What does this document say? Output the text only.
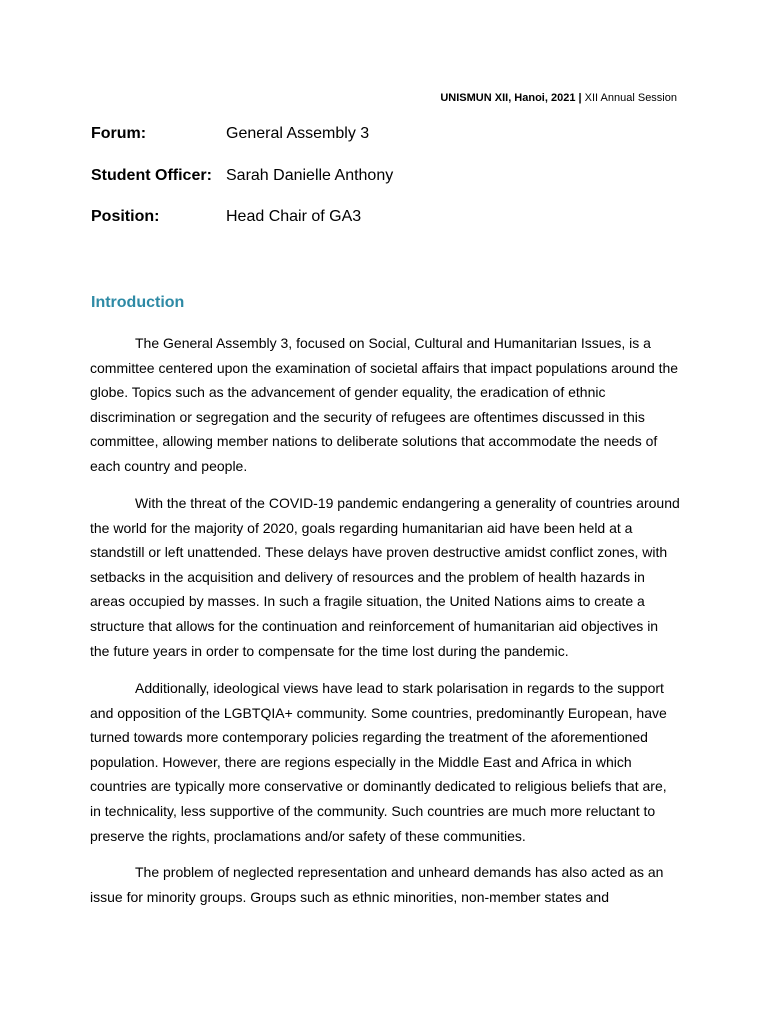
UNISMUN XII, Hanoi, 2021 | XII Annual Session
Forum:	General Assembly 3
Student Officer: Sarah Danielle Anthony
Position:	Head Chair of GA3
Introduction

The General Assembly 3, focused on Social, Cultural and Humanitarian Issues, is a committee centered upon the examination of societal affairs that impact populations around the globe. Topics such as the advancement of gender equality, the eradication of ethnic discrimination or segregation and the security of refugees are oftentimes discussed in this committee, allowing member nations to deliberate solutions that accommodate the needs of each country and people.

With the threat of the COVID-19 pandemic endangering a generality of countries around the world for the majority of 2020, goals regarding humanitarian aid have been held at a standstill or left unattended. These delays have proven destructive amidst conflict zones, with setbacks in the acquisition and delivery of resources and the problem of health hazards in areas occupied by masses. In such a fragile situation, the United Nations aims to create a structure that allows for the continuation and reinforcement of humanitarian aid objectives in the future years in order to compensate for the time lost during the pandemic.

Additionally, ideological views have lead to stark polarisation in regards to the support and opposition of the LGBTQIA+ community. Some countries, predominantly European, have turned towards more contemporary policies regarding the treatment of the aforementioned population. However, there are regions especially in the Middle East and Africa in which countries are typically more conservative or dominantly dedicated to religious beliefs that are, in technicality, less supportive of the community. Such countries are much more reluctant to preserve the rights, proclamations and/or safety of these communities.

The problem of neglected representation and unheard demands has also acted as an issue for minority groups. Groups such as ethnic minorities, non-member states and
